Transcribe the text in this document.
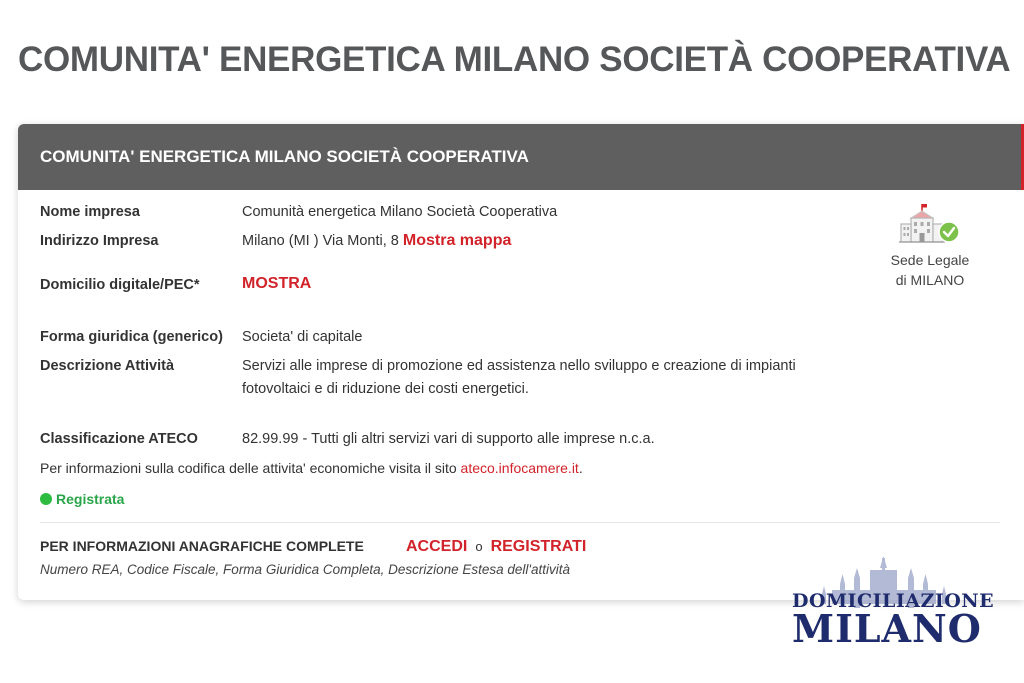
COMUNITA' ENERGETICA MILANO SOCIETÀ COOPERATIVA
COMUNITA' ENERGETICA MILANO SOCIETÀ COOPERATIVA
Nome impresa	Comunità energetica Milano Società Cooperativa
Indirizzo Impresa	Milano (MI ) Via Monti, 8 Mostra mappa
Domicilio digitale/PEC*	MOSTRA
Forma giuridica (generico) Societa' di capitale
Descrizione Attività	Servizi alle imprese di promozione ed assistenza nello sviluppo e creazione di impianti fotovoltaici e di riduzione dei costi energetici.
Classificazione ATECO	82.99.99 - Tutti gli altri servizi vari di supporto alle imprese n.c.a.
Per informazioni sulla codifica delle attivita' economiche visita il sito ateco.infocamere.it.
Registrata
PER INFORMAZIONI ANAGRAFICHE COMPLETE	ACCEDI o REGISTRATI
Numero REA, Codice Fiscale, Forma Giuridica Completa, Descrizione Estesa dell'attività
Sede Legale
di MILANO
DOMICILIAZIONE
MILANO
